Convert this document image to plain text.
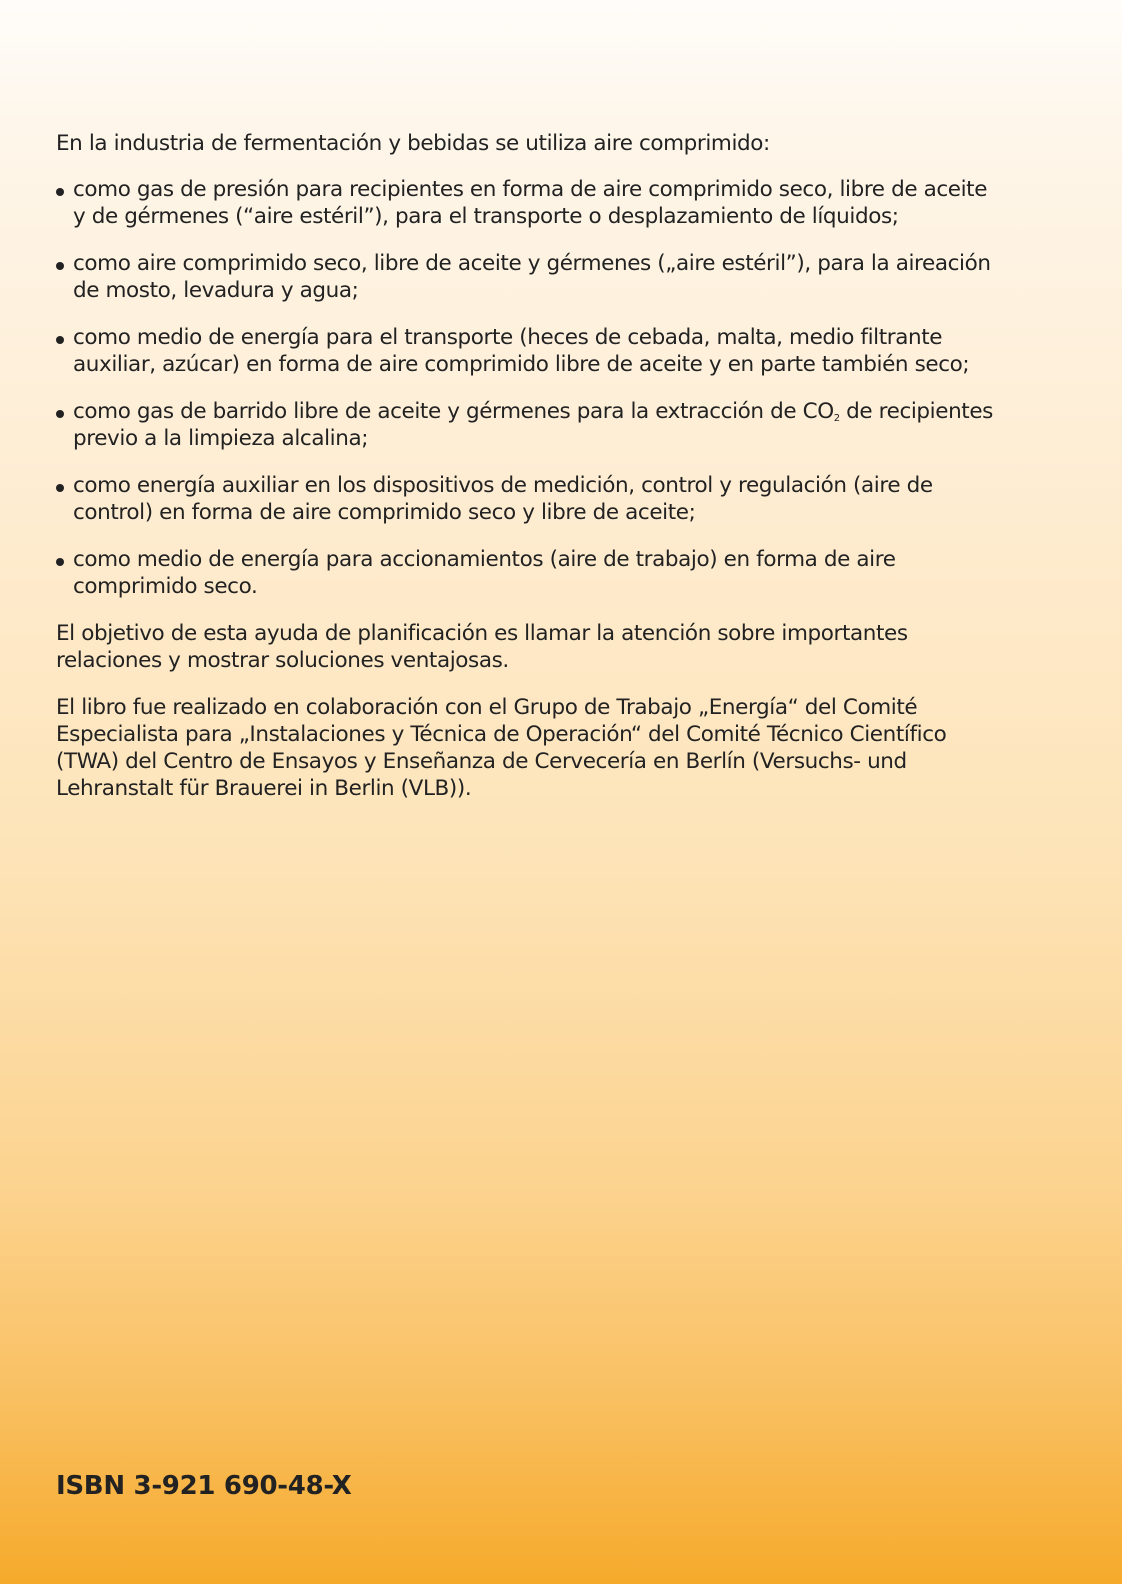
En la industria de fermentación y bebidas se utiliza aire comprimido:

como gas de presión para recipientes en forma de aire comprimido seco, libre de aceite
y de gérmenes (“aire estéril”), para el transporte o desplazamiento de líquidos;
como aire comprimido seco, libre de aceite y gérmenes („aire estéril”), para la aireación
de mosto, levadura y agua;
como medio de energía para el transporte (heces de cebada, malta, medio filtrante
auxiliar, azúcar) en forma de aire comprimido libre de aceite y en parte también seco;
como gas de barrido libre de aceite y gérmenes para la extracción de $CO_2$ de recipientes
previo a la limpieza alcalina;
como energía auxiliar en los dispositivos de medición, control y regulación (aire de
control) en forma de aire comprimido seco y libre de aceite;
como medio de energía para accionamientos (aire de trabajo) en forma de aire
comprimido seco.

El objetivo de esta ayuda de planificación es llamar la atención sobre importantes
relaciones y mostrar soluciones ventajosas.

El libro fue realizado en colaboración con el Grupo de Trabajo „Energía“ del Comité
Especialista para „Instalaciones y Técnica de Operación“ del Comité Técnico Científico
(TWA) del Centro de Ensayos y Enseñanza de Cervecería en Berlín (Versuchs- und
Lehranstalt für Brauerei in Berlin (VLB)).

ISBN 3-921 690-48-X
